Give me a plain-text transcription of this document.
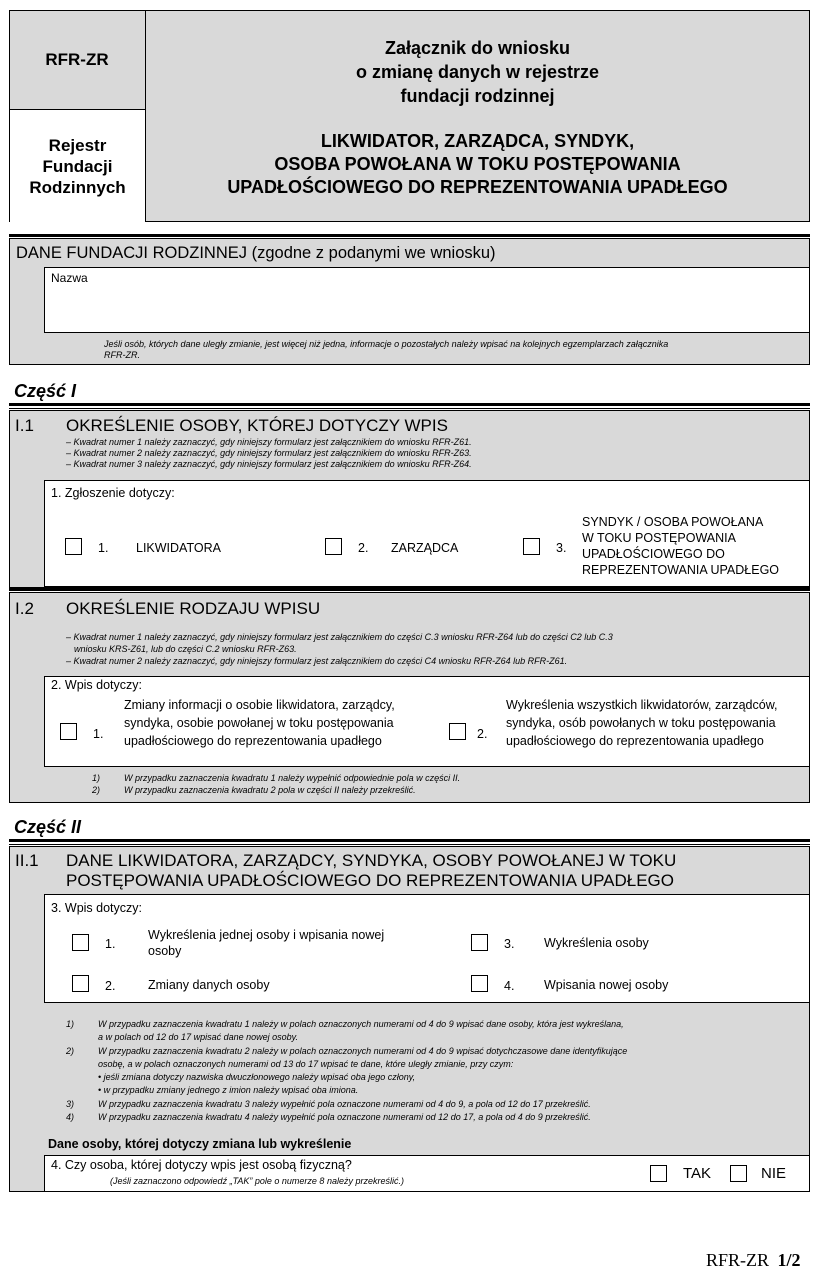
RFR-ZR
Rejestr
Fundacji
Rodzinnych
Załącznik do wniosku
o zmianę danych w rejestrze
fundacji rodzinnej
LIKWIDATOR, ZARZĄDCA, SYNDYK,
OSOBA POWOŁANA W TOKU POSTĘPOWANIA
UPADŁOŚCIOWEGO DO REPREZENTOWANIA UPADŁEGO
DANE FUNDACJI RODZINNEJ (zgodne z podanymi we wniosku)
Nazwa
Jeśli osób, których dane uległy zmianie, jest więcej niż jedna, informacje o pozostałych należy wpisać na kolejnych egzemplarzach załącznika
RFR-ZR.
Część I
I.1 OKREŚLENIE OSOBY, KTÓREJ DOTYCZY WPIS
– Kwadrat numer 1 należy zaznaczyć, gdy niniejszy formularz jest załącznikiem do wniosku RFR-Z61.
– Kwadrat numer 2 należy zaznaczyć, gdy niniejszy formularz jest załącznikiem do wniosku RFR-Z63.
– Kwadrat numer 3 należy zaznaczyć, gdy niniejszy formularz jest załącznikiem do wniosku RFR-Z64.
1. Zgłoszenie dotyczy:
1. LIKWIDATORA	2. ZARZĄDCA	3.
SYNDYK / OSOBA POWOŁANA
W TOKU POSTĘPOWANIA
UPADŁOŚCIOWEGO DO
REPREZENTOWANIA UPADŁEGO
I.2 OKREŚLENIE RODZAJU WPISU
– Kwadrat numer 1 należy zaznaczyć, gdy niniejszy formularz jest załącznikiem do części C.3 wniosku RFR-Z64 lub do części C2 lub C.3
wniosku KRS-Z61, lub do części C.2 wniosku RFR-Z63.
– Kwadrat numer 2 należy zaznaczyć, gdy niniejszy formularz jest załącznikiem do części C4 wniosku RFR-Z64 lub RFR-Z61.
2. Wpis dotyczy:
1.
Zmiany informacji o osobie likwidatora, zarządcy,
syndyka, osobie powołanej w toku postępowania
upadłościowego do reprezentowania upadłego	2.
Wykreślenia wszystkich likwidatorów, zarządców,
syndyka, osób powołanych w toku postępowania
upadłościowego do reprezentowania upadłego
1)	W przypadku zaznaczenia kwadratu 1 należy wypełnić odpowiednie pola w części II.
2)	W przypadku zaznaczenia kwadratu 2 pola w części II należy przekreślić.
Część II
II.1 DANE LIKWIDATORA, ZARZĄDCY, SYNDYKA, OSOBY POWOŁANEJ W TOKU
POSTĘPOWANIA UPADŁOŚCIOWEGO DO REPREZENTOWANIA UPADŁEGO
3. Wpis dotyczy:
1.
Wykreślenia jednej osoby i wpisania nowej
osoby	3. Wykreślenia osoby
2.	Zmiany danych osoby	4. Wpisania nowej osoby
1)	W przypadku zaznaczenia kwadratu 1 należy w polach oznaczonych numerami od 4 do 9 wpisać dane osoby, która jest wykreślana,
a w polach od 12 do 17 wpisać dane nowej osoby.
2)	W przypadku zaznaczenia kwadratu 2 należy w polach oznaczonych numerami od 4 do 9 wpisać dotychczasowe dane identyfikujące
osobę, a w polach oznaczonych numerami od 13 do 17 wpisać te dane, które uległy zmianie, przy czym:
• jeśli zmiana dotyczy nazwiska dwuczłonowego należy wpisać oba jego człony,
• w przypadku zmiany jednego z imion należy wpisać oba imiona.
3)	W przypadku zaznaczenia kwadratu 3 należy wypełnić pola oznaczone numerami od 4 do 9, a pola od 12 do 17 przekreślić.
4)	W przypadku zaznaczenia kwadratu 4 należy wypełnić pola oznaczone numerami od 12 do 17, a pola od 4 do 9 przekreślić.
Dane osoby, której dotyczy zmiana lub wykreślenie
4. Czy osoba, której dotyczy wpis jest osobą fizyczną?
(Jeśli zaznaczono odpowiedź „TAK” pole o numerze 8 należy przekreślić.)	TAK	NIE
RFR-ZR 1/2
